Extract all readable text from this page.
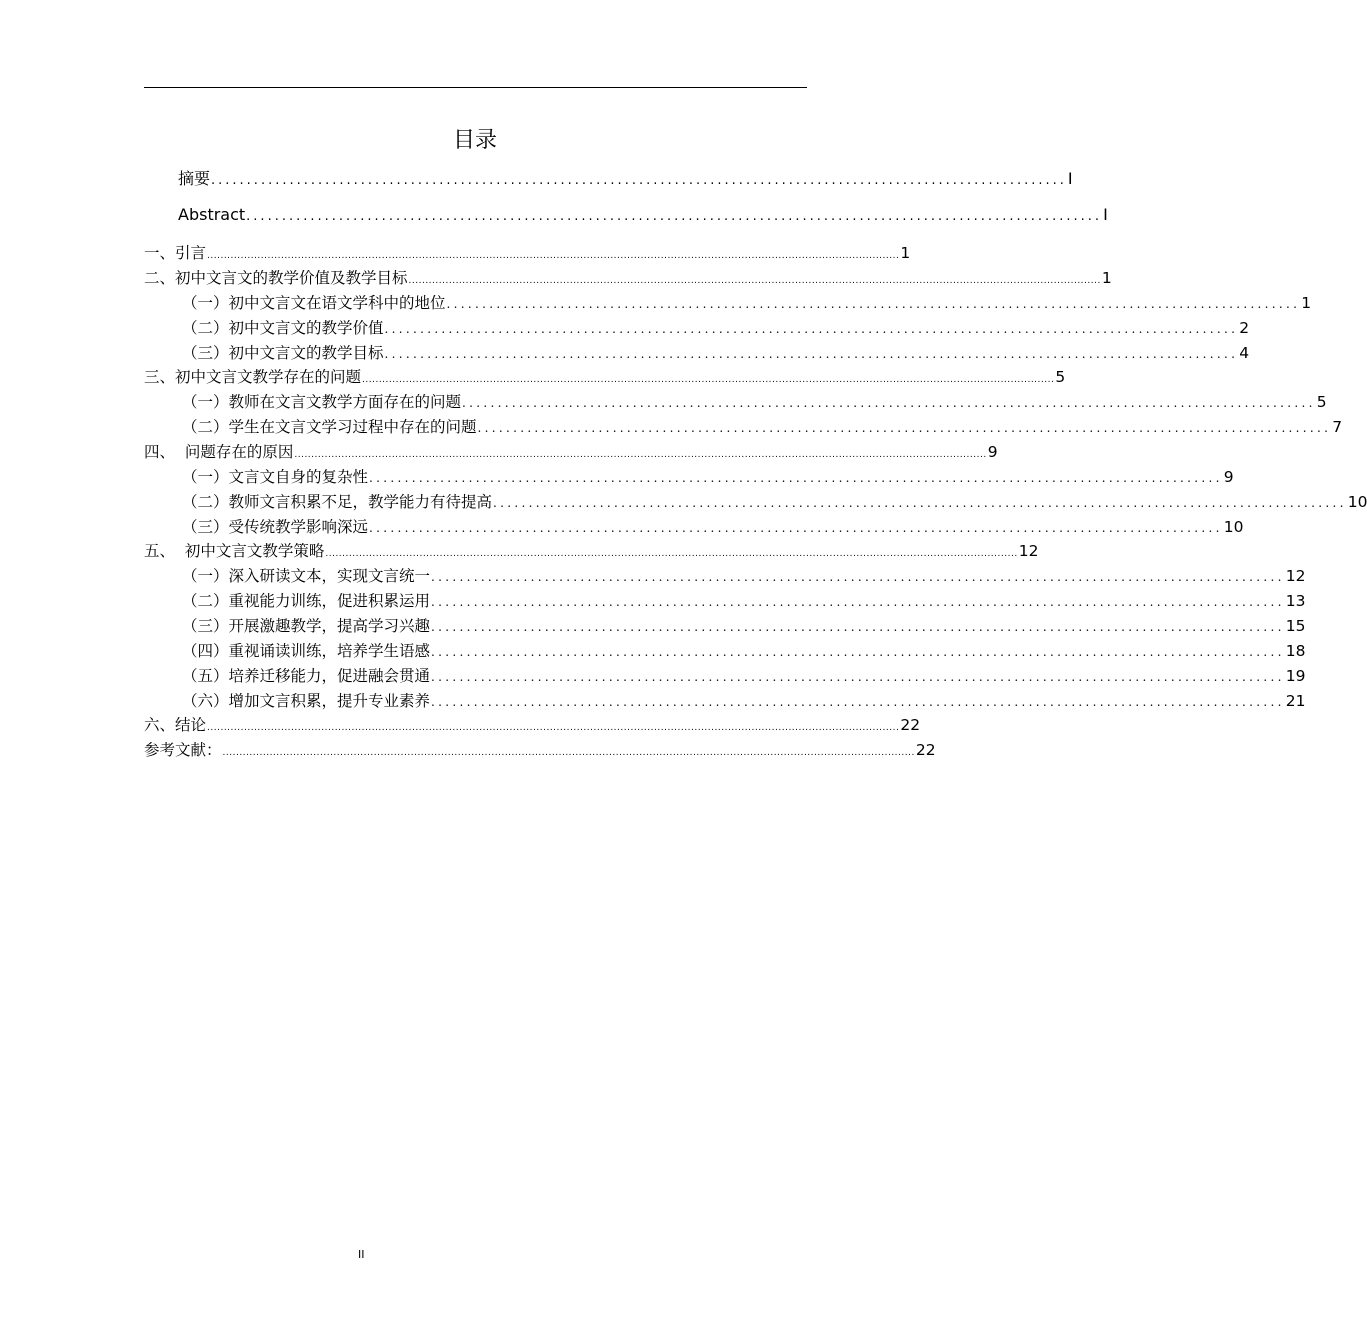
目录
摘要 ........................................................................................................................ I
Abstract ........................................................................................................................ I
一、引言 .............................................................................................................................................................................................................. 1
二、初中文言文的教学价值及教学目标 .............................................................................................................................................................................................................. 1
（一）初中文言文在语文学科中的地位 ........................................................................................................................ 1
（二）初中文言文的教学价值 ........................................................................................................................ 2
（三）初中文言文的教学目标 ........................................................................................................................ 4
三、初中文言文教学存在的问题 .............................................................................................................................................................................................................. 5
（一）教师在文言文教学方面存在的问题 ........................................................................................................................ 5
（二）学生在文言文学习过程中存在的问题 ........................................................................................................................ 7
四、  问题存在的原因 .............................................................................................................................................................................................................. 9
（一）文言文自身的复杂性 ........................................................................................................................ 9
（二）教师文言积累不足，教学能力有待提高 ........................................................................................................................ 10
（三）受传统教学影响深远 ........................................................................................................................ 10
五、  初中文言文教学策略 .............................................................................................................................................................................................................. 12
（一）深入研读文本，实现文言统一 ........................................................................................................................ 12
（二）重视能力训练，促进积累运用 ........................................................................................................................ 13
（三）开展激趣教学，提高学习兴趣 ........................................................................................................................ 15
（四）重视诵读训练，培养学生语感 ........................................................................................................................ 18
（五）培养迁移能力，促进融会贯通 ........................................................................................................................ 19
（六）增加文言积累，提升专业素养 ........................................................................................................................ 21
六、结论 .............................................................................................................................................................................................................. 22
参考文献： .............................................................................................................................................................................................................. 22
II
